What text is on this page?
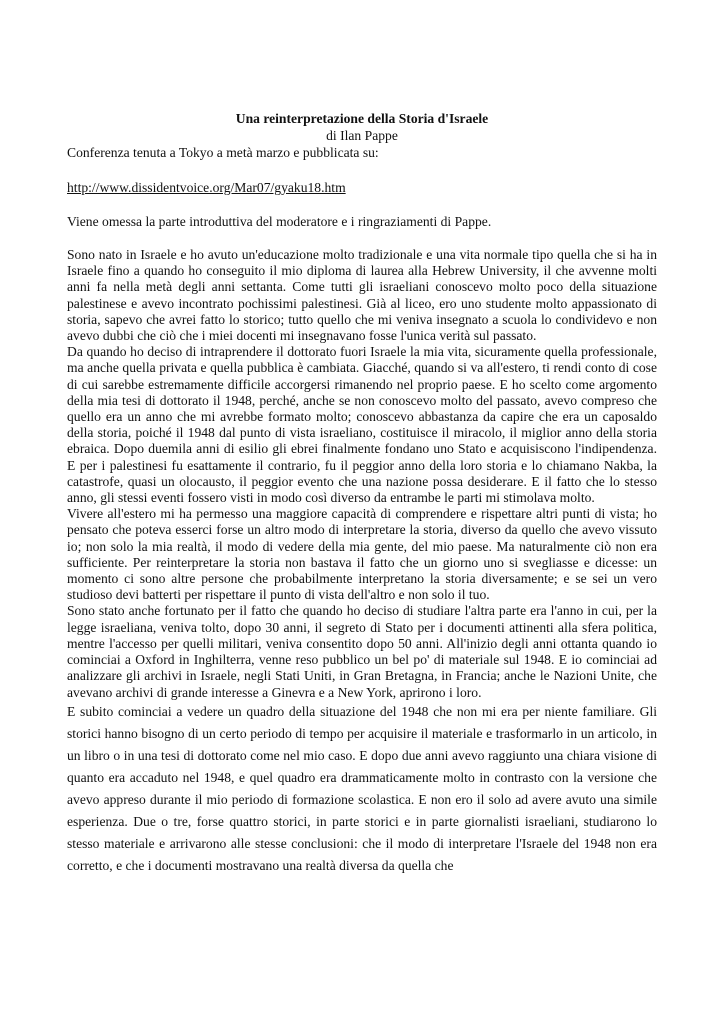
Una reinterpretazione della Storia d'Israele

di Ilan Pappe

Conferenza tenuta a Tokyo a metà marzo e pubblicata su:

http://www.dissidentvoice.org/Mar07/gyaku18.htm

Viene omessa la parte introduttiva del moderatore e i ringraziamenti di Pappe.

Sono nato in Israele e ho avuto un'educazione molto tradizionale e una vita normale tipo quella che si ha in Israele fino a quando ho conseguito il mio diploma di laurea alla Hebrew University, il che avvenne molti anni fa nella metà degli anni settanta. Come tutti gli israeliani conoscevo molto poco della situazione palestinese e avevo incontrato pochissimi palestinesi. Già al liceo, ero uno studente molto appassionato di storia, sapevo che avrei fatto lo storico; tutto quello che mi veniva insegnato a scuola lo condividevo e non avevo dubbi che ciò che i miei docenti mi insegnavano fosse l'unica verità sul passato.

Da quando ho deciso di intraprendere il dottorato fuori Israele la mia vita, sicuramente quella professionale, ma anche quella privata e quella pubblica è cambiata. Giacché, quando si va all'estero, ti rendi conto di cose di cui sarebbe estremamente difficile accorgersi rimanendo nel proprio paese. E ho scelto come argomento della mia tesi di dottorato il 1948, perché, anche se non conoscevo molto del passato, avevo compreso che quello era un anno che mi avrebbe formato molto; conoscevo abbastanza da capire che era un caposaldo della storia, poiché il 1948 dal punto di vista israeliano, costituisce il miracolo, il miglior anno della storia ebraica. Dopo duemila anni di esilio gli ebrei finalmente fondano uno Stato e acquisiscono l'indipendenza. E per i palestinesi fu esattamente il contrario, fu il peggior anno della loro storia e lo chiamano Nakba, la catastrofe, quasi un olocausto, il peggior evento che una nazione possa desiderare. E il fatto che lo stesso anno, gli stessi eventi fossero visti in modo così diverso da entrambe le parti mi stimolava molto.

Vivere all'estero mi ha permesso una maggiore capacità di comprendere e rispettare altri punti di vista; ho pensato che poteva esserci forse un altro modo di interpretare la storia, diverso da quello che avevo vissuto io; non solo la mia realtà, il modo di vedere della mia gente, del mio paese. Ma naturalmente ciò non era sufficiente. Per reinterpretare la storia non bastava il fatto che un giorno uno si svegliasse e dicesse: un momento ci sono altre persone che probabilmente interpretano la storia diversamente; e se sei un vero studioso devi batterti per rispettare il punto di vista dell'altro e non solo il tuo.

Sono stato anche fortunato per il fatto che quando ho deciso di studiare l'altra parte era l'anno in cui, per la legge israeliana, veniva tolto, dopo 30 anni, il segreto di Stato per i documenti attinenti alla sfera politica, mentre l'accesso per quelli militari, veniva consentito dopo 50 anni. All'inizio degli anni ottanta quando io cominciai a Oxford in Inghilterra, venne reso pubblico un bel po' di materiale sul 1948. E io cominciai ad analizzare gli archivi in Israele, negli Stati Uniti, in Gran Bretagna, in Francia; anche le Nazioni Unite, che avevano archivi di grande interesse a Ginevra e a New York, aprirono i loro.

E subito cominciai a vedere un quadro della situazione del 1948 che non mi era per niente familiare. Gli storici hanno bisogno di un certo periodo di tempo per acquisire il materiale e trasformarlo in un articolo, in un libro o in una tesi di dottorato come nel mio caso. E dopo due anni avevo raggiunto una chiara visione di quanto era accaduto nel 1948, e quel quadro era drammaticamente molto in contrasto con la versione che avevo appreso durante il mio periodo di formazione scolastica. E non ero il solo ad avere avuto una simile esperienza. Due o tre, forse quattro storici, in parte storici e in parte giornalisti israeliani, studiarono lo stesso materiale e arrivarono alle stesse conclusioni: che il modo di interpretare l'Israele del 1948 non era corretto, e che i documenti mostravano una realtà diversa da quella che
